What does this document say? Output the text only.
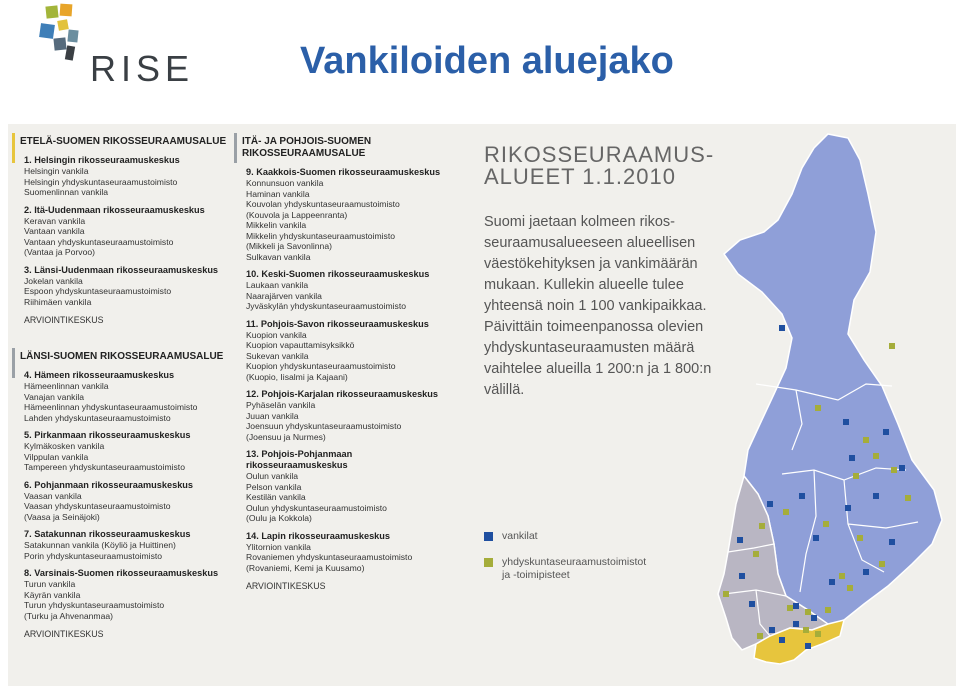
RISE	Vankiloiden aluejako
ETELÄ-SUOMEN RIKOSSEURAAMUSALUE
1. Helsingin rikosseuraamuskeskus
Helsingin vankila
Helsingin yhdyskuntaseuraamustoimisto
Suomenlinnan vankila
2. Itä-Uudenmaan rikosseuraamuskeskus
Keravan vankila
Vantaan vankila
Vantaan yhdyskuntaseuraamustoimisto
(Vantaa ja Porvoo)
3. Länsi-Uudenmaan rikosseuraamuskeskus
Jokelan vankila
Espoon yhdyskuntaseuraamustoimisto
Riihimäen vankila
ARVIOINTIKESKUS
LÄNSI-SUOMEN RIKOSSEURAAMUSALUE
4. Hämeen rikosseuraamuskeskus
Hämeenlinnan vankila
Vanajan vankila
Hämeenlinnan yhdyskuntaseuraamustoimisto
Lahden yhdyskuntaseuraamustoimisto
5. Pirkanmaan rikosseuraamuskeskus
Kylmäkosken vankila
Vilppulan vankila
Tampereen yhdyskuntaseuraamustoimisto
6. Pohjanmaan rikosseuraamuskeskus
Vaasan vankila
Vaasan yhdyskuntaseuraamustoimisto
(Vaasa ja Seinäjoki)
7. Satakunnan rikosseuraamuskeskus
Satakunnan vankila (Köyliö ja Huittinen)
Porin yhdyskuntaseuraamustoimisto
8. Varsinais-Suomen rikosseuraamuskeskus
Turun vankila
Käyrän vankila
Turun yhdyskuntaseuraamustoimisto
(Turku ja Ahvenanmaa)
ARVIOINTIKESKUS
ITÄ- JA POHJOIS-SUOMEN RIKOSSEURAAMUSALUE
9. Kaakkois-Suomen rikosseuraamuskeskus
Konnunsuon vankila
Haminan vankila
Kouvolan yhdyskuntaseuraamustoimisto
(Kouvola ja Lappeenranta)
Mikkelin vankila
Mikkelin yhdyskuntaseuraamustoimisto
(Mikkeli ja Savonlinna)
Sulkavan vankila
10. Keski-Suomen rikosseuraamuskeskus
Laukaan vankila
Naarajärven vankila
Jyväskylän yhdyskuntaseuraamustoimisto
11. Pohjois-Savon rikosseuraamuskeskus
Kuopion vankila
Kuopion vapauttamisyksikkö
Sukevan vankila
Kuopion yhdyskuntaseuraamustoimisto
(Kuopio, Iisalmi ja Kajaani)
12. Pohjois-Karjalan rikosseuraamuskeskus
Pyhäselän vankila
Juuan vankila
Joensuun yhdyskuntaseuraamustoimisto
(Joensuu ja Nurmes)
13. Pohjois-Pohjanmaan rikosseuraamuskeskus
Oulun vankila
Pelson vankila
Kestilän vankila
Oulun yhdyskuntaseuraamustoimisto
(Oulu ja Kokkola)
14. Lapin rikosseuraamuskeskus
Ylitornion vankila
Rovaniemen yhdyskuntaseuraamustoimisto
(Rovaniemi, Kemi ja Kuusamo)
ARVIOINTIKESKUS
RIKOSSEURAAMUS-
ALUEET 1.1.2010
Suomi jaetaan kolmeen rikos-
seuraamusalueeseen alueellisen
väestökehityksen ja vankimäärän
mukaan. Kullekin alueelle tulee
yhteensä noin 1 100 vankipaikkaa.
Päivittäin toimeenpanossa olevien
yhdyskuntaseuraamusten määrä
vaihtelee alueilla 1 200:n ja 1 800:n
välillä.
vankilat
yhdyskuntaseuraamustoimistot
ja -toimipisteet
